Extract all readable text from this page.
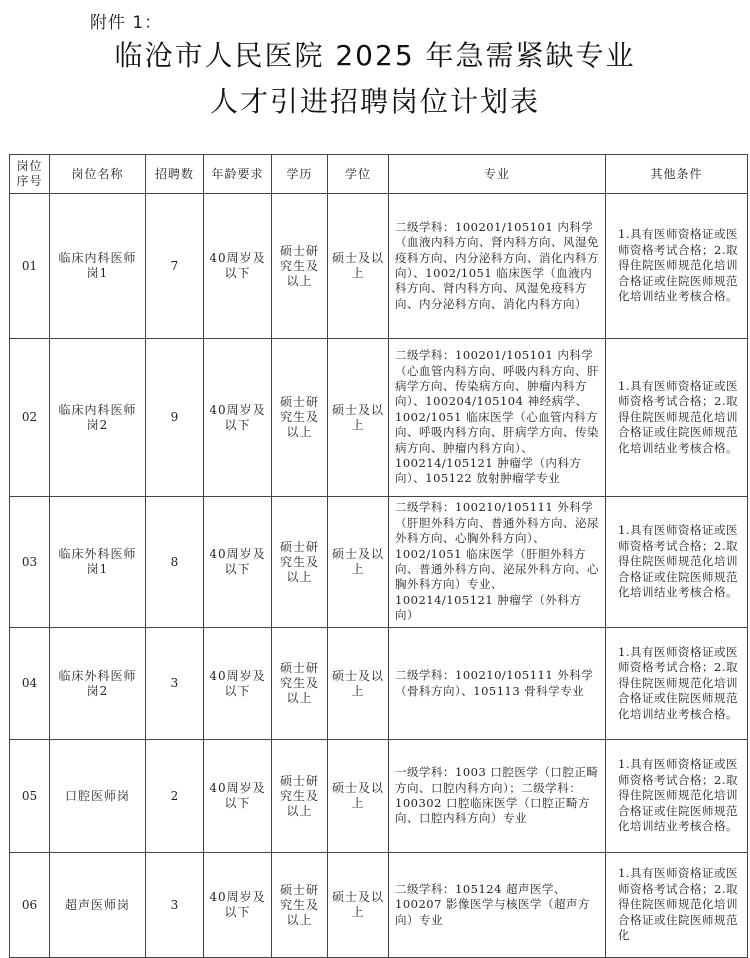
附件 1：
临沧市人民医院 2025 年急需紧缺专业
人才引进招聘岗位计划表
岗位序号	岗位名称	招聘数	年龄要求	学历	学位	专业	其他条件
01	临床内科医师岗1	7	40周岁及以下	硕士研究生及以上	硕士及以上	二级学科：100201/105101 内科学（血液内科方向、肾内科方向、风湿免疫科方向、内分泌科方向、消化内科方向）、1002/1051 临床医学（血液内科方向、肾内科方向、风湿免疫科方向、内分泌科方向、消化内科方向）	1.具有医师资格证或医师资格考试合格；2.取得住院医师规范化培训合格证或住院医师规范化培训结业考核合格。
02	临床内科医师岗2	9	40周岁及以下	硕士研究生及以上	硕士及以上	二级学科：100201/105101 内科学（心血管内科方向、呼吸内科方向、肝病学方向、传染病方向、肿瘤内科方向）、100204/105104 神经病学、1002/1051 临床医学（心血管内科方向、呼吸内科方向、肝病学方向、传染病方向、肿瘤内科方向）、100214/105121 肿瘤学（内科方向）、105122 放射肿瘤学专业	1.具有医师资格证或医师资格考试合格；2.取得住院医师规范化培训合格证或住院医师规范化培训结业考核合格。
03	临床外科医师岗1	8	40周岁及以下	硕士研究生及以上	硕士及以上	二级学科：100210/105111 外科学（肝胆外科方向、普通外科方向、泌尿外科方向、心胸外科方向）、1002/1051 临床医学（肝胆外科方向、普通外科方向、泌尿外科方向、心胸外科方向）专业、100214/105121 肿瘤学（外科方向）	1.具有医师资格证或医师资格考试合格；2.取得住院医师规范化培训合格证或住院医师规范化培训结业考核合格。
04	临床外科医师岗2	3	40周岁及以下	硕士研究生及以上	硕士及以上	二级学科：100210/105111 外科学（骨科方向）、105113 骨科学专业	1.具有医师资格证或医师资格考试合格；2.取得住院医师规范化培训合格证或住院医师规范化培训结业考核合格。
05	口腔医师岗	2	40周岁及以下	硕士研究生及以上	硕士及以上	一级学科：1003 口腔医学（口腔正畸方向、口腔内科方向）；二级学科：100302 口腔临床医学（口腔正畸方向、口腔内科方向）专业	1.具有医师资格证或医师资格考试合格；2.取得住院医师规范化培训合格证或住院医师规范化培训结业考核合格。
06	超声医师岗	3	40周岁及以下	硕士研究生及以上	硕士及以上	二级学科：105124 超声医学、100207 影像医学与核医学（超声方向）专业	1.具有医师资格证或医师资格考试合格；2.取得住院医师规范化培训合格证或住院医师规范化
